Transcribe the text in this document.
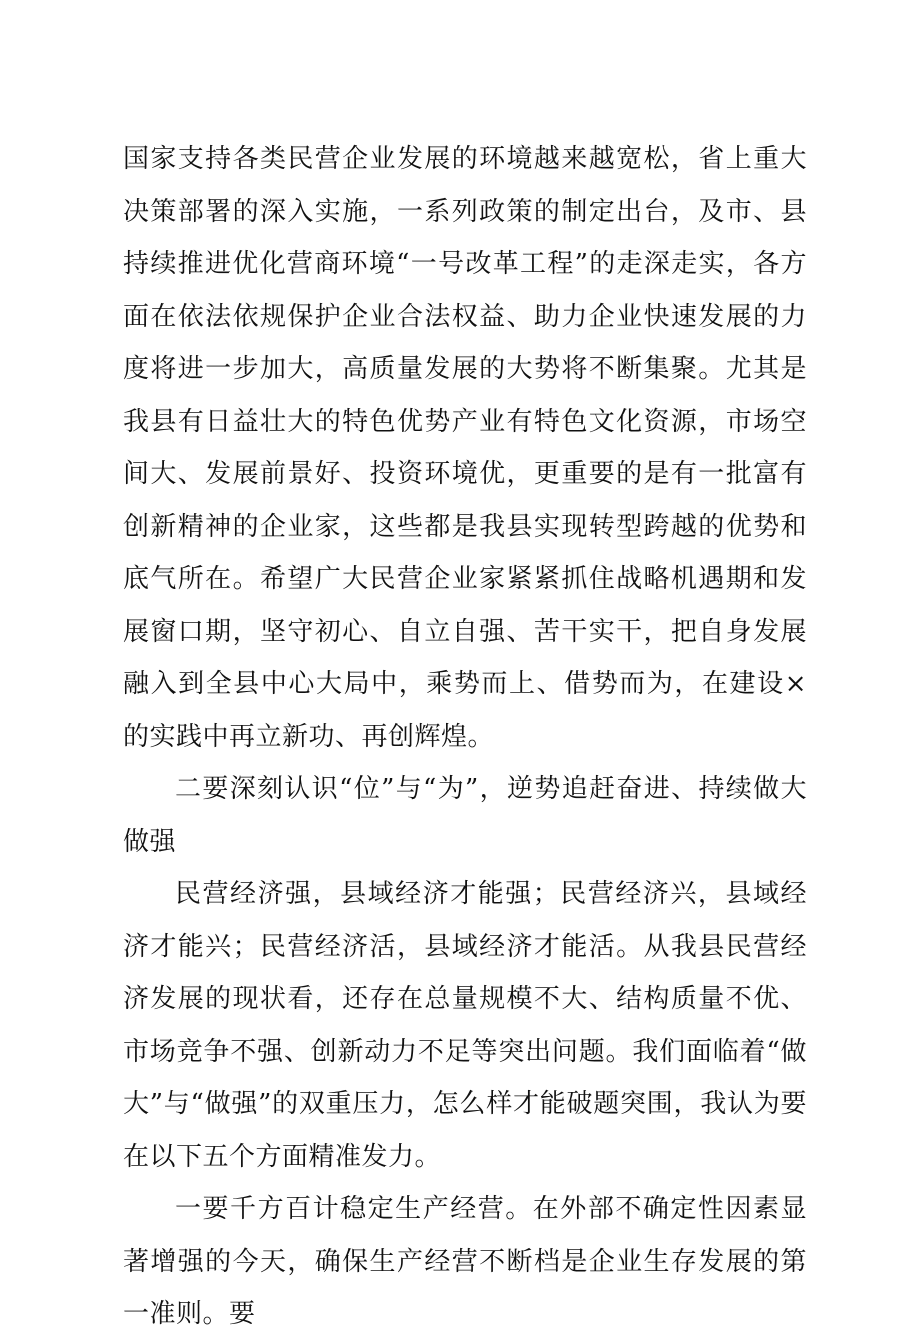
国家支持各类民营企业发展的环境越来越宽松，省上重大决策部署的深入实施，一系列政策的制定出台，及市、县持续推进优化营商环境“一号改革工程”的走深走实，各方面在依法依规保护企业合法权益、助力企业快速发展的力度将进一步加大，高质量发展的大势将不断集聚。尤其是我县有日益壮大的特色优势产业有特色文化资源，市场空间大、发展前景好、投资环境优，更重要的是有一批富有创新精神的企业家，这些都是我县实现转型跨越的优势和底气所在。希望广大民营企业家紧紧抓住战略机遇期和发展窗口期，坚守初心、自立自强、苦干实干，把自身发展融入到全县中心大局中，乘势而上、借势而为，在建设×的实践中再立新功、再创辉煌。

二要深刻认识“位”与“为”，逆势追赶奋进、持续做大做强

民营经济强，县域经济才能强；民营经济兴，县域经济才能兴；民营经济活，县域经济才能活。从我县民营经济发展的现状看，还存在总量规模不大、结构质量不优、市场竞争不强、创新动力不足等突出问题。我们面临着“做大”与“做强”的双重压力，怎么样才能破题突围，我认为要在以下五个方面精准发力。

一要千方百计稳定生产经营。在外部不确定性因素显著增强的今天，确保生产经营不断档是企业生存发展的第一准则。要
